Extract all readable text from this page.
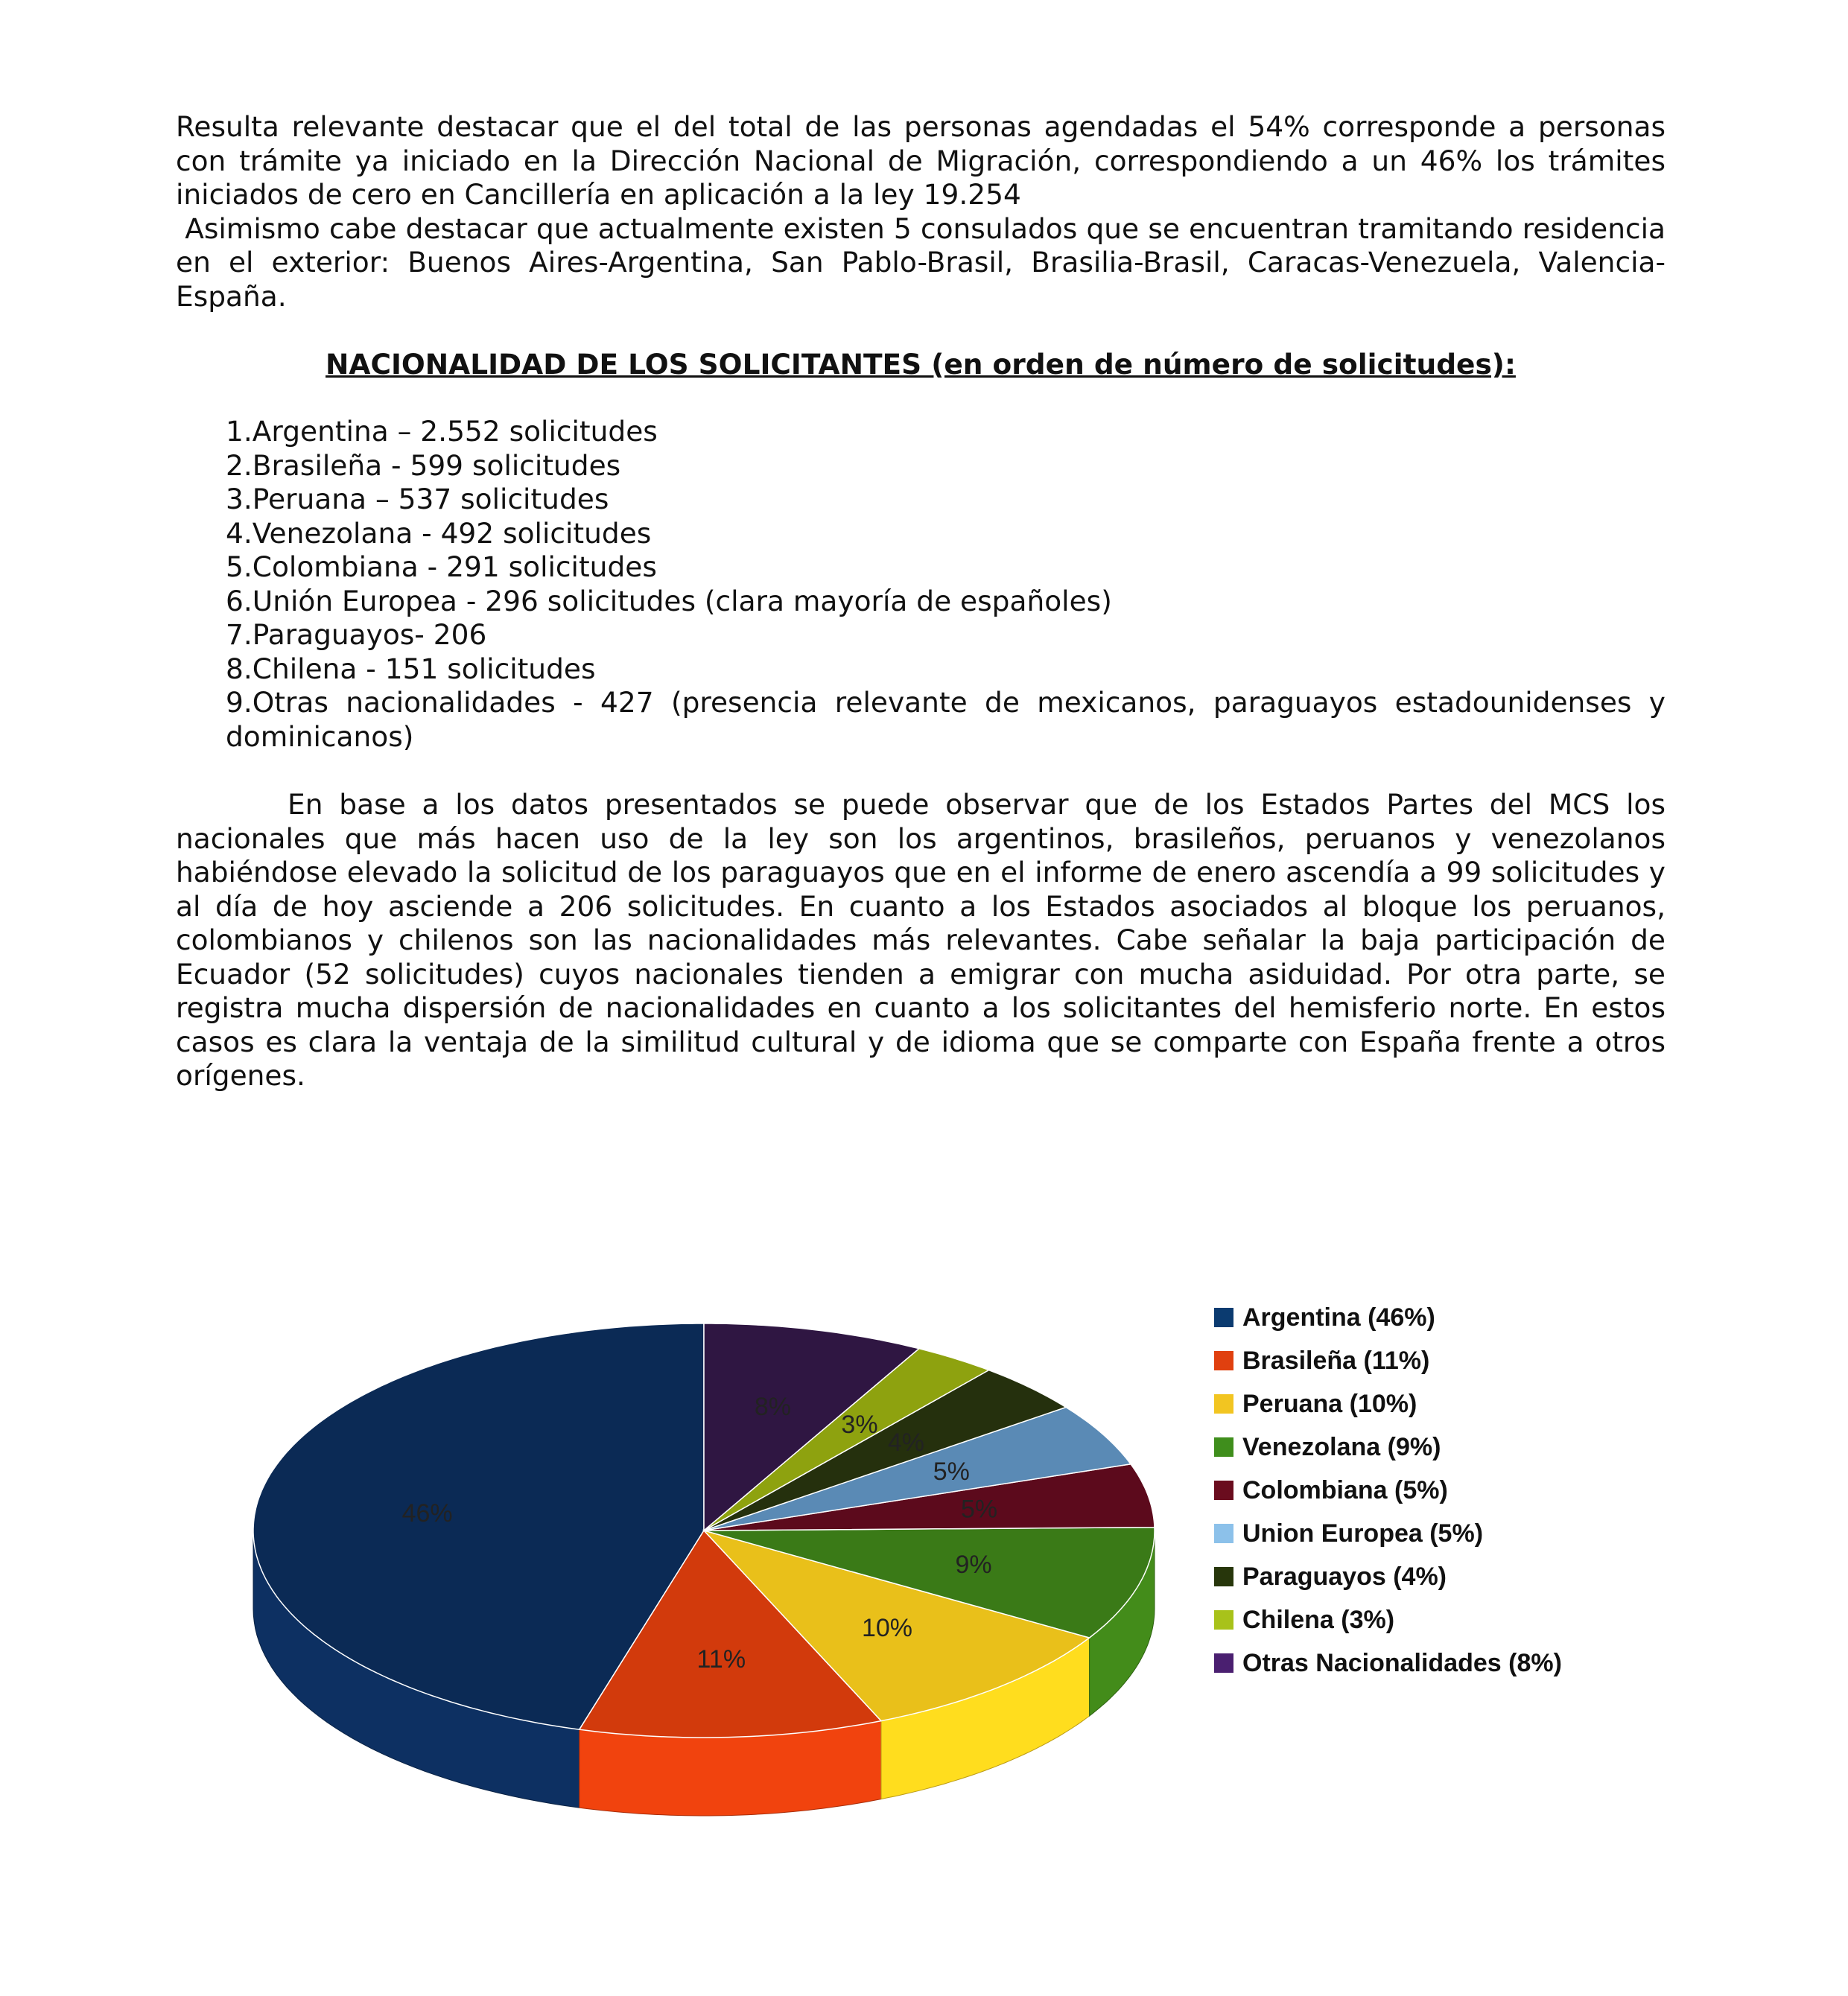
Resulta relevante destacar que el del total de las personas agendadas el 54% corresponde a personas con trámite ya iniciado en la Dirección Nacional de Migración, correspondiendo a un 46% los trámites iniciados de cero en Cancillería en aplicación a la ley 19.254

Asimismo cabe destacar que actualmente existen 5 consulados que se encuentran tramitando residencia en el exterior: Buenos Aires-Argentina, San Pablo-Brasil, Brasilia-Brasil, Caracas-Venezuela, Valencia-España.

NACIONALIDAD DE LOS SOLICITANTES (en orden de número de solicitudes):
1.Argentina – 2.552 solicitudes
2.Brasileña - 599 solicitudes
3.Peruana – 537 solicitudes
4.Venezolana - 492 solicitudes
5.Colombiana - 291 solicitudes
6.Unión Europea - 296 solicitudes (clara mayoría de españoles)
7.Paraguayos- 206
8.Chilena - 151 solicitudes
9.Otras nacionalidades - 427 (presencia relevante de mexicanos, paraguayos estadounidenses y dominicanos)

En base a los datos presentados se puede observar que de los Estados Partes del MCS los nacionales que más hacen uso de la ley son los argentinos, brasileños, peruanos y venezolanos habiéndose elevado la solicitud de los paraguayos que en el informe de enero ascendía a 99 solicitudes y al día de hoy asciende a 206 solicitudes. En cuanto a los Estados asociados al bloque los peruanos, colombianos y chilenos son las nacionalidades más relevantes. Cabe señalar la baja participación de Ecuador (52 solicitudes) cuyos nacionales tienden a emigrar con mucha asiduidad. Por otra parte, se registra mucha dispersión de nacionalidades en cuanto a los solicitantes del hemisferio norte. En estos casos es clara la ventaja de la similitud cultural y de idioma que se comparte con España frente a otros orígenes.

46%
11%
10%
9%
5%
5%
4%
3%
8%
Argentina (46%)
Brasileña (11%)
Peruana (10%)
Venezolana (9%)
Colombiana (5%)
Union Europea (5%)
Paraguayos (4%)
Chilena (3%)
Otras Nacionalidades (8%)
